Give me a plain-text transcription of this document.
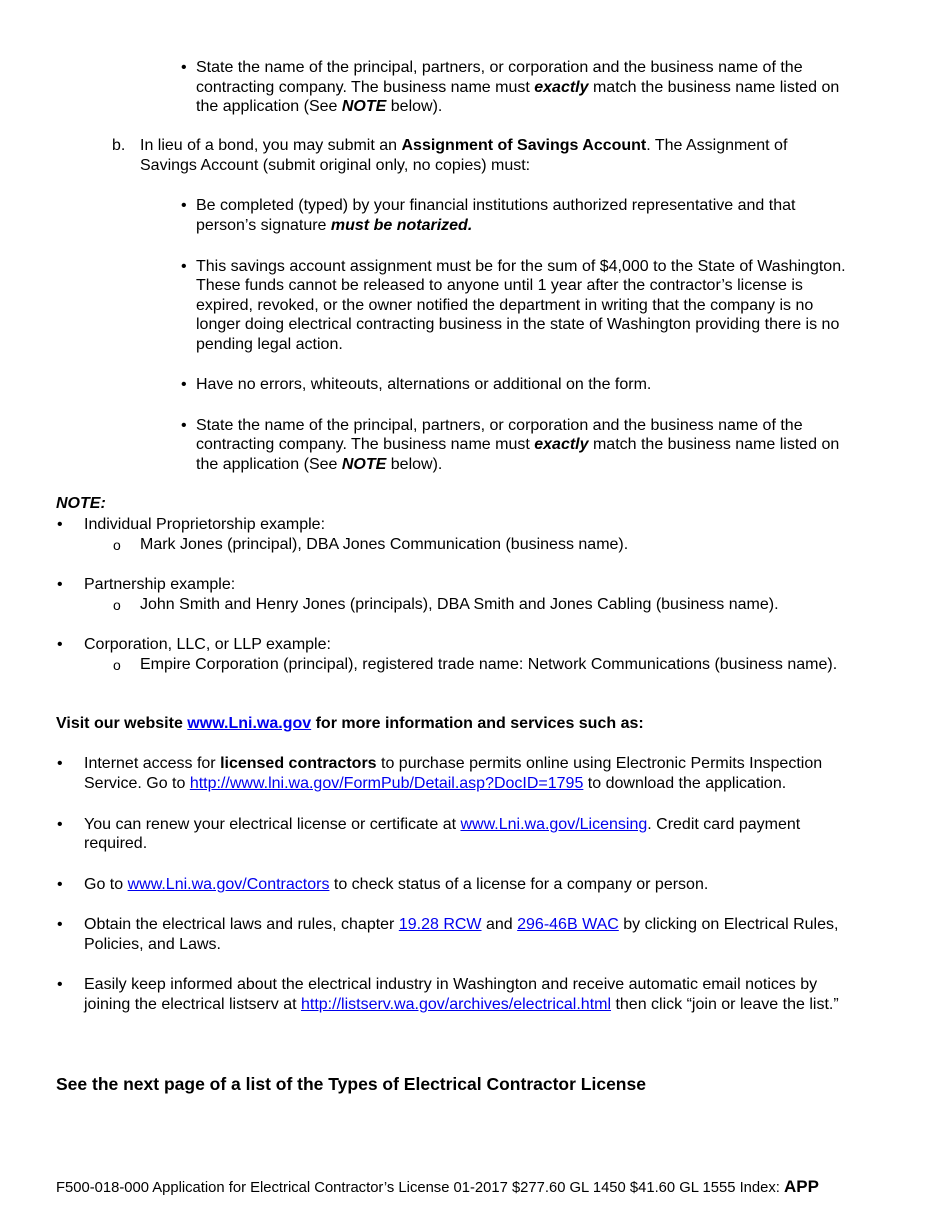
• State the name of the principal, partners, or corporation and the business name of the
contracting company. The business name must exactly match the business name listed on
the application (See NOTE below).
b. In lieu of a bond, you may submit an Assignment of Savings Account. The Assignment of
Savings Account (submit original only, no copies) must:
• Be completed (typed) by your financial institutions authorized representative and that
person’s signature must be notarized.
• This savings account assignment must be for the sum of $4,000 to the State of Washington.
These funds cannot be released to anyone until 1 year after the contractor’s license is
expired, revoked, or the owner notified the department in writing that the company is no
longer doing electrical contracting business in the state of Washington providing there is no
pending legal action.
• Have no errors, whiteouts, alternations or additional on the form.
• State the name of the principal, partners, or corporation and the business name of the
contracting company. The business name must exactly match the business name listed on
the application (See NOTE below).
NOTE:
• Individual Proprietorship example:
o Mark Jones (principal), DBA Jones Communication (business name).
• Partnership example:
o John Smith and Henry Jones (principals), DBA Smith and Jones Cabling (business name).
• Corporation, LLC, or LLP example:
o Empire Corporation (principal), registered trade name: Network Communications (business name).
Visit our website www.Lni.wa.gov for more information and services such as:
• Internet access for licensed contractors to purchase permits online using Electronic Permits Inspection
Service. Go to http://www.lni.wa.gov/FormPub/Detail.asp?DocID=1795 to download the application.
• You can renew your electrical license or certificate at www.Lni.wa.gov/Licensing. Credit card payment
required.
• Go to www.Lni.wa.gov/Contractors to check status of a license for a company or person.
• Obtain the electrical laws and rules, chapter 19.28 RCW and 296-46B WAC by clicking on Electrical Rules,
Policies, and Laws.
• Easily keep informed about the electrical industry in Washington and receive automatic email notices by
joining the electrical listserv at http://listserv.wa.gov/archives/electrical.html then click “join or leave the list.”
See the next page of a list of the Types of Electrical Contractor License
F500-018-000 Application for Electrical Contractor’s License 01-2017 $277.60 GL 1450 $41.60 GL 1555 Index: APP
